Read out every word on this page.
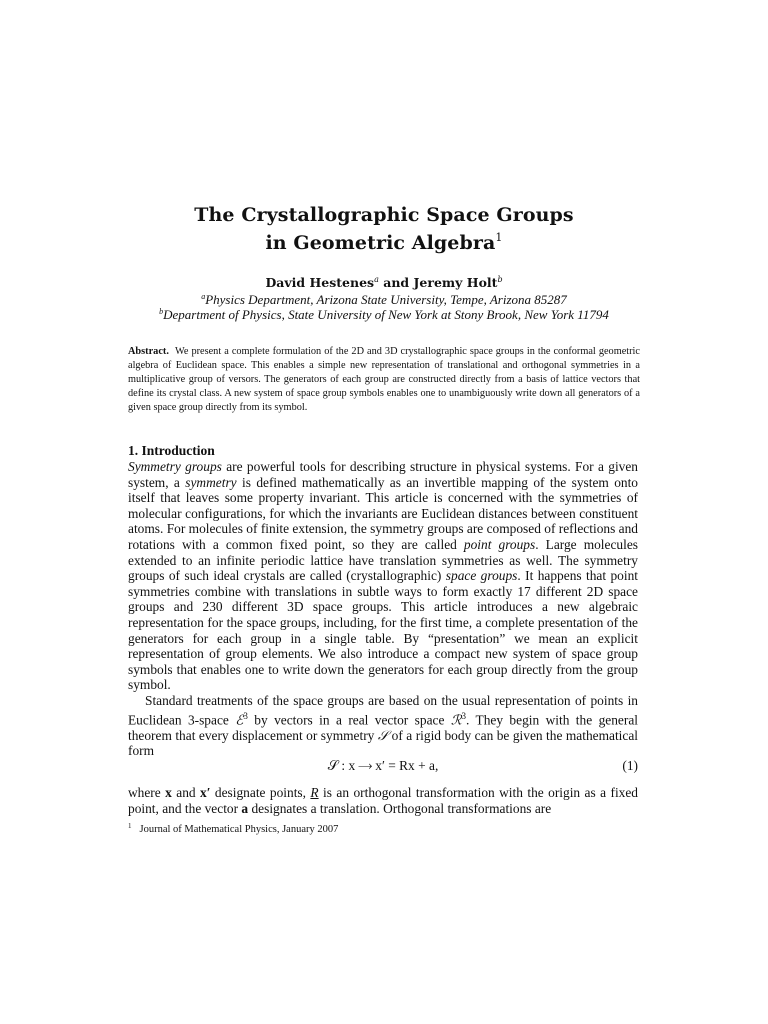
The Crystallographic Space Groups
in Geometric Algebra$^1$
David Hestenes$^a$ and Jeremy Holt$^b$
$^a$Physics Department, Arizona State University, Tempe, Arizona 85287
$^b$Department of Physics, State University of New York at Stony Brook, New York 11794
Abstract. We present a complete formulation of the 2D and 3D crystallographic space groups in the conformal geometric algebra of Euclidean space. This enables a simple new representation of translational and orthogonal symmetries in a multiplicative group of versors. The generators of each group are constructed directly from a basis of lattice vectors that define its crystal class. A new system of space group symbols enables one to unambiguously write down all generators of a given space group directly from its symbol.
1. Introduction
Symmetry groups are powerful tools for describing structure in physical systems. For a given system, a symmetry is defined mathematically as an invertible mapping of the system onto itself that leaves some property invariant. This article is concerned with the symmetries of molecular configurations, for which the invariants are Euclidean distances between constituent atoms. For molecules of finite extension, the symmetry groups are composed of reflections and rotations with a common fixed point, so they are called point groups. Large molecules extended to an infinite periodic lattice have translation symmetries as well. The symmetry groups of such ideal crystals are called (crystallographic) space groups. It happens that point symmetries combine with translations in subtle ways to form exactly 17 different 2D space groups and 230 different 3D space groups. This article introduces a new algebraic representation for the space groups, including, for the first time, a complete presentation of the generators for each group in a single table. By “presentation” we mean an explicit representation of group elements. We also introduce a compact new system of space group symbols that enables one to write down the generators for each group directly from the group symbol.
Standard treatments of the space groups are based on the usual representation of points in Euclidean 3-space ℰ$^3$ by vectors in a real vector space ℛ$^3$. They begin with the general theorem that every displacement or symmetry 𝒮 of a rigid body can be given the mathematical form
𝒮 : x ⟶ x′ = Rx + a,	(1)
where x and x′ designate points, R is an orthogonal transformation with the origin as a fixed point, and the vector a designates a translation. Orthogonal transformations are
$^1$ Journal of Mathematical Physics, January 2007
